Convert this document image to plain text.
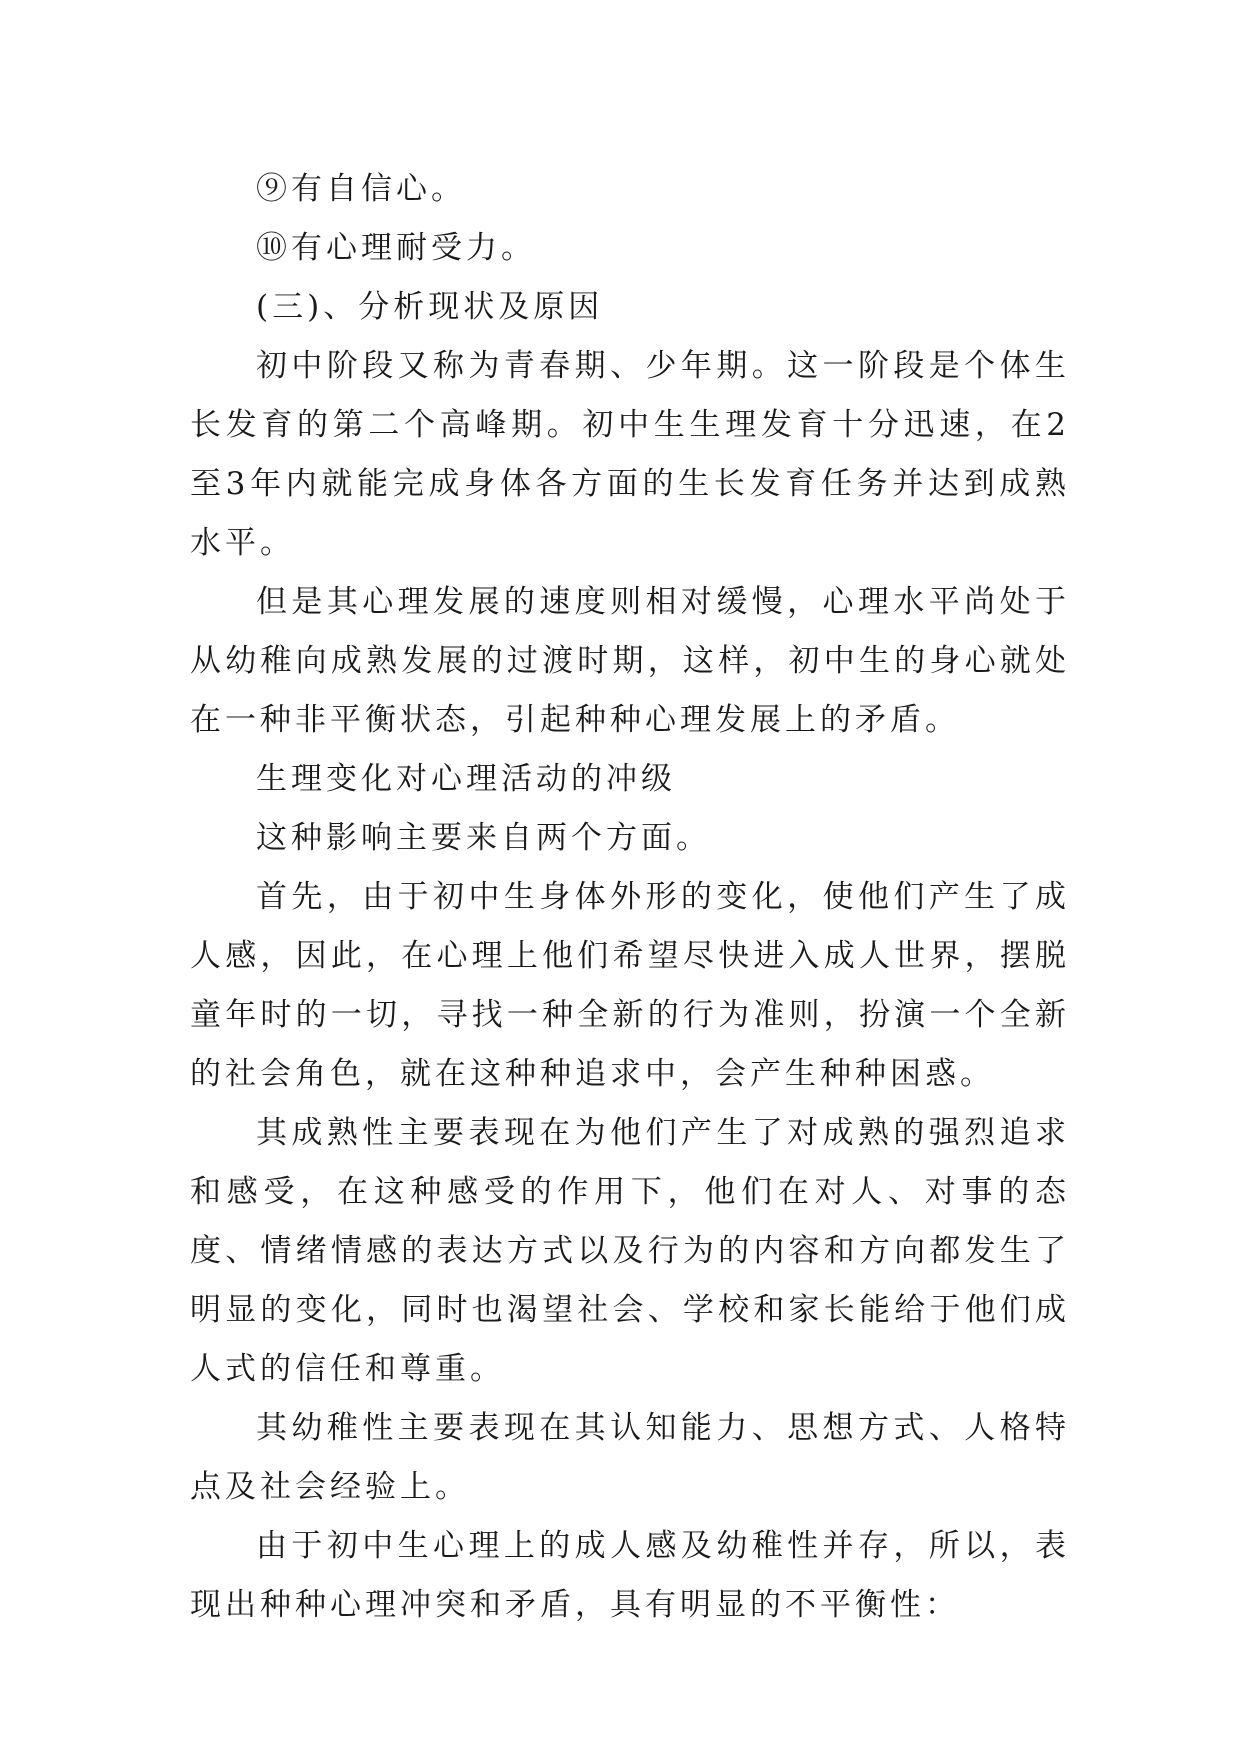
⑨有自信心。

⑩有心理耐受力。

(三)、分析现状及原因

初中阶段又称为青春期、少年期。这一阶段是个体生长发育的第二个高峰期。初中生生理发育十分迅速，在2至3年内就能完成身体各方面的生长发育任务并达到成熟水平。

但是其心理发展的速度则相对缓慢，心理水平尚处于从幼稚向成熟发展的过渡时期，这样，初中生的身心就处在一种非平衡状态，引起种种心理发展上的矛盾。

生理变化对心理活动的冲级

这种影响主要来自两个方面。

首先，由于初中生身体外形的变化，使他们产生了成人感，因此，在心理上他们希望尽快进入成人世界，摆脱童年时的一切，寻找一种全新的行为准则，扮演一个全新的社会角色，就在这种种追求中，会产生种种困惑。

其成熟性主要表现在为他们产生了对成熟的强烈追求和感受，在这种感受的作用下，他们在对人、对事的态度、情绪情感的表达方式以及行为的内容和方向都发生了明显的变化，同时也渴望社会、学校和家长能给于他们成人式的信任和尊重。

其幼稚性主要表现在其认知能力、思想方式、人格特点及社会经验上。

由于初中生心理上的成人感及幼稚性并存，所以，表现出种种心理冲突和矛盾，具有明显的不平衡性：
